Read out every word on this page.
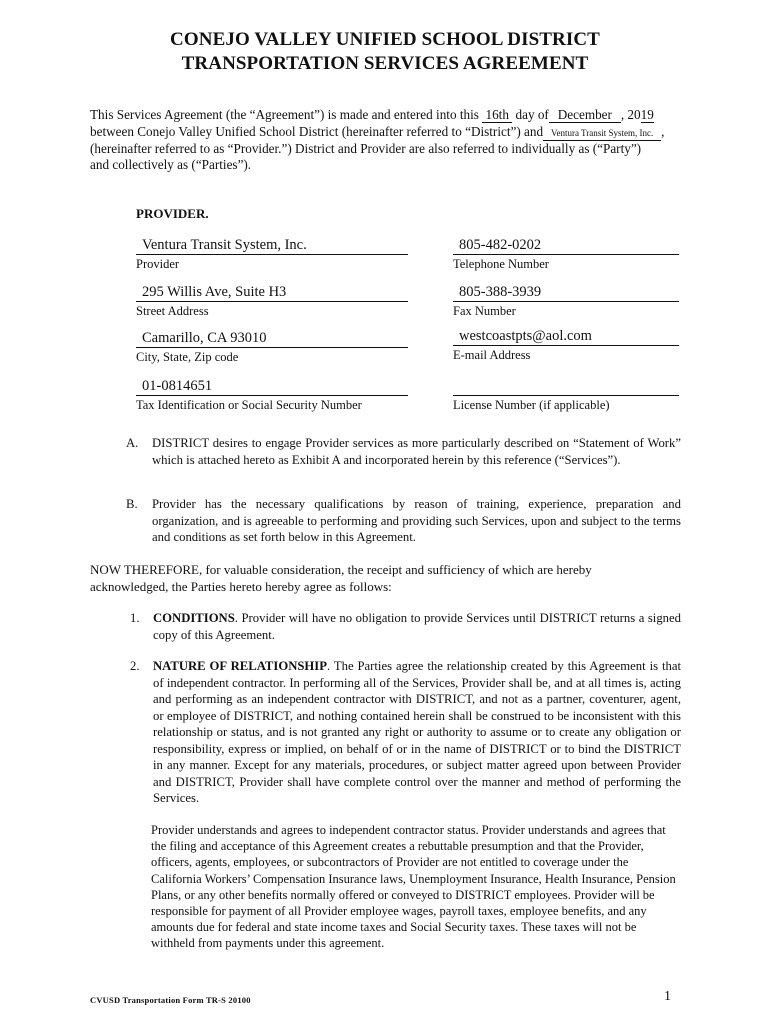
CONEJO VALLEY UNIFIED SCHOOL DISTRICT
TRANSPORTATION SERVICES AGREEMENT
This Services Agreement (the “Agreement”) is made and entered into this 16th day of December , 2019
between Conejo Valley Unified School District (hereinafter referred to “District”) and Ventura Transit System, Inc. ,
(hereinafter referred to as “Provider.”) District and Provider are also referred to individually as (“Party”)
and collectively as (“Parties”).
PROVIDER.
Ventura Transit System, Inc.
Provider
805-482-0202
Telephone Number
295 Willis Ave, Suite H3
Street Address
805-388-3939
Fax Number
Camarillo, CA 93010
City, State, Zip code
westcoastpts@aol.com
E-mail Address
01-0814651
Tax Identification or Social Security Number	License Number (if applicable)
A. DISTRICT desires to engage Provider services as more particularly described on “Statement of Work” which is attached hereto as Exhibit A and incorporated herein by this reference (“Services”).
B. Provider has the necessary qualifications by reason of training, experience, preparation and organization, and is agreeable to performing and providing such Services, upon and subject to the terms and conditions as set forth below in this Agreement.
NOW THEREFORE, for valuable consideration, the receipt and sufficiency of which are hereby acknowledged, the Parties hereto hereby agree as follows:
1. CONDITIONS. Provider will have no obligation to provide Services until DISTRICT returns a signed copy of this Agreement.
2. NATURE OF RELATIONSHIP. The Parties agree the relationship created by this Agreement is that of independent contractor. In performing all of the Services, Provider shall be, and at all times is, acting and performing as an independent contractor with DISTRICT, and not as a partner, coventurer, agent, or employee of DISTRICT, and nothing contained herein shall be construed to be inconsistent with this relationship or status, and is not granted any right or authority to assume or to create any obligation or responsibility, express or implied, on behalf of or in the name of DISTRICT or to bind the DISTRICT in any manner. Except for any materials, procedures, or subject matter agreed upon between Provider and DISTRICT, Provider shall have complete control over the manner and method of performing the Services.
Provider understands and agrees to independent contractor status. Provider understands and agrees that the filing and acceptance of this Agreement creates a rebuttable presumption and that the Provider, officers, agents, employees, or subcontractors of Provider are not entitled to coverage under the California Workers’ Compensation Insurance laws, Unemployment Insurance, Health Insurance, Pension Plans, or any other benefits normally offered or conveyed to DISTRICT employees. Provider will be responsible for payment of all Provider employee wages, payroll taxes, employee benefits, and any amounts due for federal and state income taxes and Social Security taxes. These taxes will not be withheld from payments under this agreement.
CVUSD Transportation Form TR-S 20100	1
